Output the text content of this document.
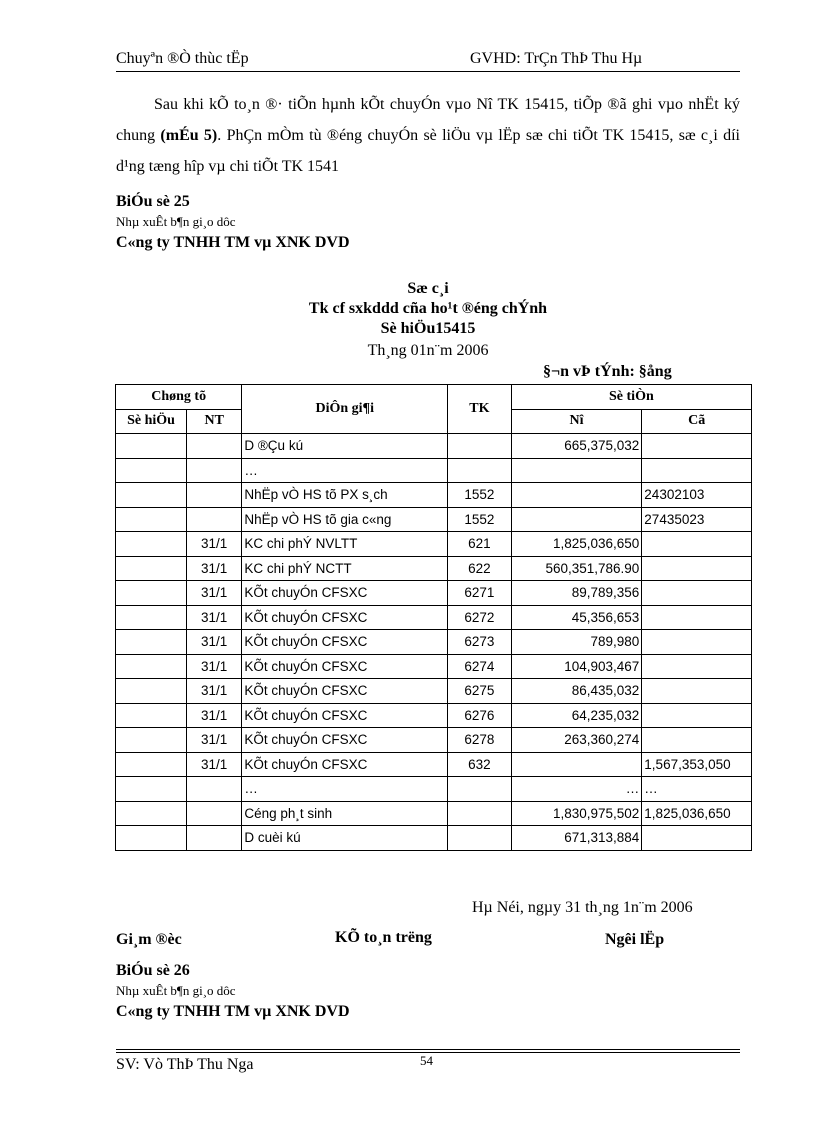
Chuyªn ®Ò thùc tËp	GVHD: TrÇn ThÞ Thu Hµ
Sau khi kÕ to¸n ®· tiÕn hµnh kÕt chuyÓn vµo Nî TK 15415, tiÕp ®ã ghi vµo nhËt ký chung (mÉu 5). PhÇn mÒm tù ®éng chuyÓn sè liÖu vµ lËp sæ chi tiÕt TK 15415, sæ c¸i díi d¹ng tæng hîp vµ chi tiÕt TK 1541
BiÓu sè 25
Nhµ xuÊt b¶n gi¸o dôc
C«ng ty TNHH TM vµ XNK DVD
Sæ c¸i
Tk cf sxkddd cña ho¹t ®éng chÝnh
Sè hiÖu15415
Th¸ng 01n¨m 2006
§¬n vÞ tÝnh: §ång
Chøng tõ		DiÔn gi¶i	TK	Sè tiÒn	
Sè hiÖu	NT			Nî	Cã
		D ®Çu kú		665,375,032	
		…			
		NhËp vÒ HS tõ PX s¸ch	1552		24302103
		NhËp vÒ HS tõ gia c«ng	1552		27435023
	31/1	KC chi phÝ NVLTT	621	1,825,036,650	
	31/1	KC chi phÝ NCTT	622	560,351,786.90	
	31/1	KÕt chuyÓn CFSXC	6271	89,789,356	
	31/1	KÕt chuyÓn CFSXC	6272	45,356,653	
	31/1	KÕt chuyÓn CFSXC	6273	789,980	
	31/1	KÕt chuyÓn CFSXC	6274	104,903,467	
	31/1	KÕt chuyÓn CFSXC	6275	86,435,032	
	31/1	KÕt chuyÓn CFSXC	6276	64,235,032	
	31/1	KÕt chuyÓn CFSXC	6278	263,360,274	
	31/1	KÕt chuyÓn CFSXC	632		1,567,353,050
		…		…	…
		Céng ph¸t sinh		1,830,975,502	1,825,036,650
		D cuèi kú		671,313,884	
Hµ Néi, ngµy 31 th¸ng 1n¨m 2006
Gi¸m ®èc	KÕ to¸n trëng	Ngêi lËp
BiÓu sè 26
Nhµ xuÊt b¶n gi¸o dôc
C«ng ty TNHH TM vµ XNK DVD
SV: Vò ThÞ Thu Nga	54
